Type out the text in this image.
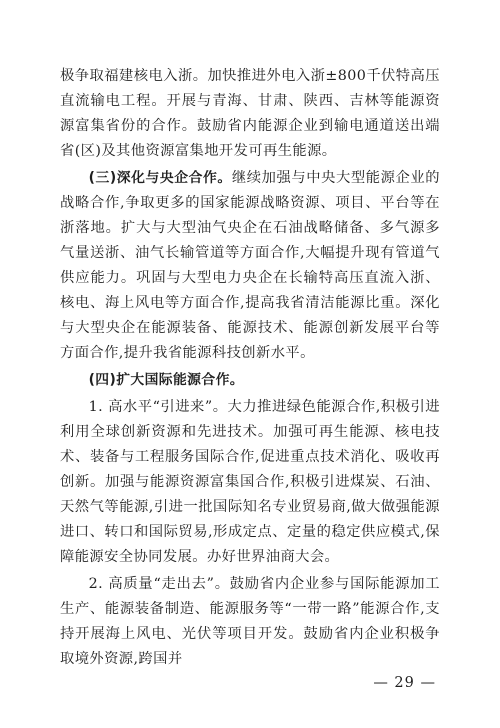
极争取福建核电入浙。加快推进外电入浙±800千伏特高压直流输电工程。开展与青海、甘肃、陕西、吉林等能源资源富集省份的合作。鼓励省内能源企业到输电通道送出端省(区)及其他资源富集地开发可再生能源。

(三)深化与央企合作。继续加强与中央大型能源企业的战略合作,争取更多的国家能源战略资源、项目、平台等在浙落地。扩大与大型油气央企在石油战略储备、多气源多气量送浙、油气长输管道等方面合作,大幅提升现有管道气供应能力。巩固与大型电力央企在长输特高压直流入浙、核电、海上风电等方面合作,提高我省清洁能源比重。深化与大型央企在能源装备、能源技术、能源创新发展平台等方面合作,提升我省能源科技创新水平。

(四)扩大国际能源合作。

1. 高水平“引进来”。大力推进绿色能源合作,积极引进利用全球创新资源和先进技术。加强可再生能源、核电技术、装备与工程服务国际合作,促进重点技术消化、吸收再创新。加强与能源资源富集国合作,积极引进煤炭、石油、天然气等能源,引进一批国际知名专业贸易商,做大做强能源进口、转口和国际贸易,形成定点、定量的稳定供应模式,保障能源安全协同发展。办好世界油商大会。

2. 高质量“走出去”。鼓励省内企业参与国际能源加工生产、能源装备制造、能源服务等“一带一路”能源合作,支持开展海上风电、光伏等项目开发。鼓励省内企业积极争取境外资源,跨国并

— 29 —
